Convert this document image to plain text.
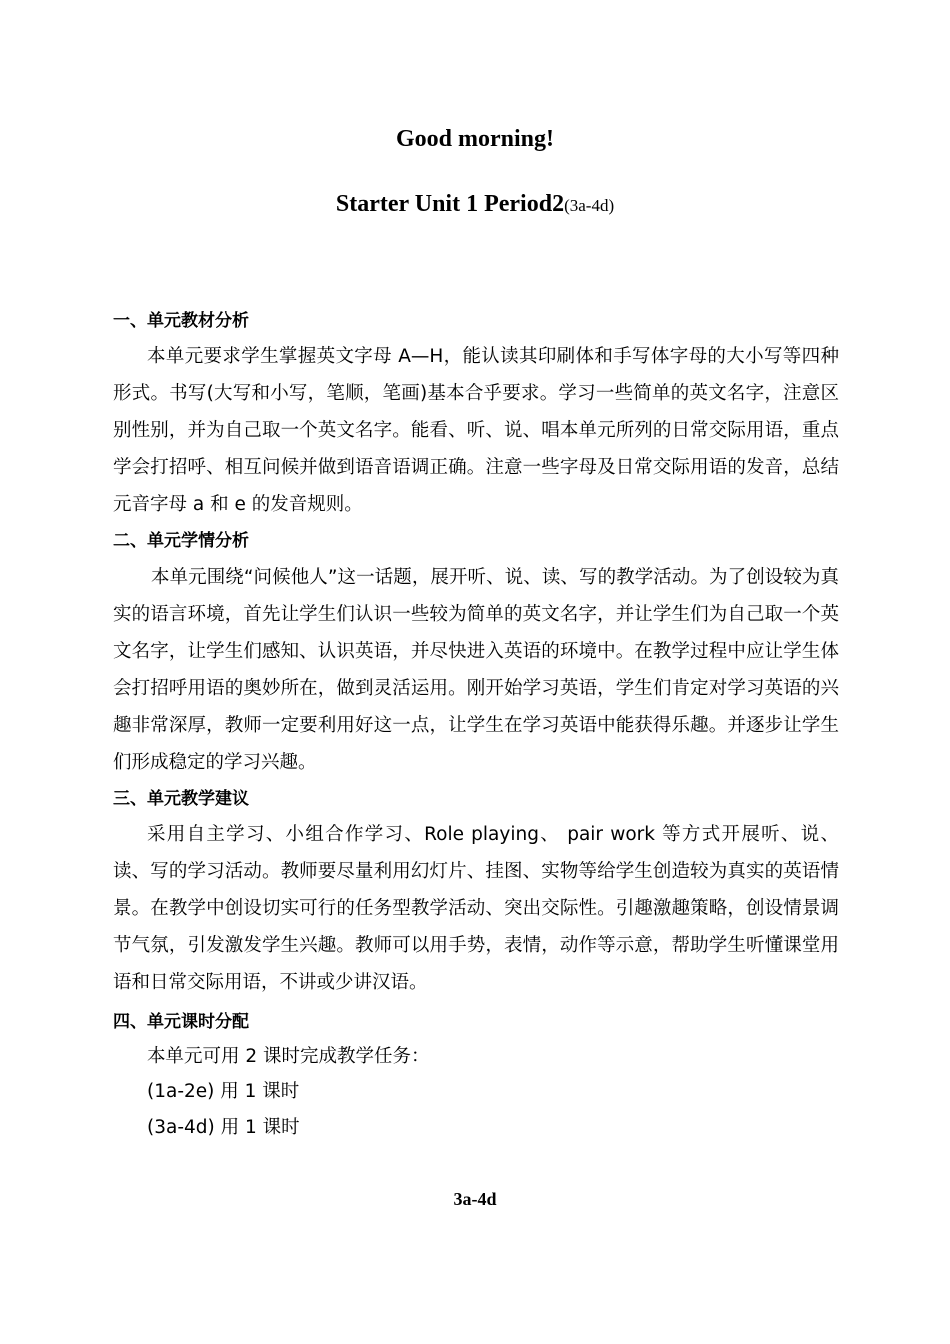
Good morning!
Starter Unit 1 Period2(3a-4d)
一、单元教材分析

本单元要求学生掌握英文字母 A—H，能认读其印刷体和手写体字母的大小写等四种形式。书写(大写和小写，笔顺，笔画)基本合乎要求。学习一些简单的英文名字，注意区别性别，并为自己取一个英文名字。能看、听、说、唱本单元所列的日常交际用语，重点学会打招呼、相互问候并做到语音语调正确。注意一些字母及日常交际用语的发音，总结元音字母 a 和 e 的发音规则。

二、单元学情分析

本单元围绕“问候他人”这一话题，展开听、说、读、写的教学活动。为了创设较为真实的语言环境，首先让学生们认识一些较为简单的英文名字，并让学生们为自己取一个英文名字，让学生们感知、认识英语，并尽快进入英语的环境中。在教学过程中应让学生体会打招呼用语的奥妙所在，做到灵活运用。刚开始学习英语，学生们肯定对学习英语的兴趣非常深厚，教师一定要利用好这一点，让学生在学习英语中能获得乐趣。并逐步让学生们形成稳定的学习兴趣。

三、单元教学建议

采用自主学习、小组合作学习、Role playing、 pair work 等方式开展听、说、读、写的学习活动。教师要尽量利用幻灯片、挂图、实物等给学生创造较为真实的英语情景。在教学中创设切实可行的任务型教学活动、突出交际性。引趣激趣策略，创设情景调节气氛，引发激发学生兴趣。教师可以用手势，表情，动作等示意，帮助学生听懂课堂用语和日常交际用语，不讲或少讲汉语。

四、单元课时分配

本单元可用 2 课时完成教学任务：

(1a-2e) 用 1 课时

(3a-4d) 用 1 课时

3a-4d
